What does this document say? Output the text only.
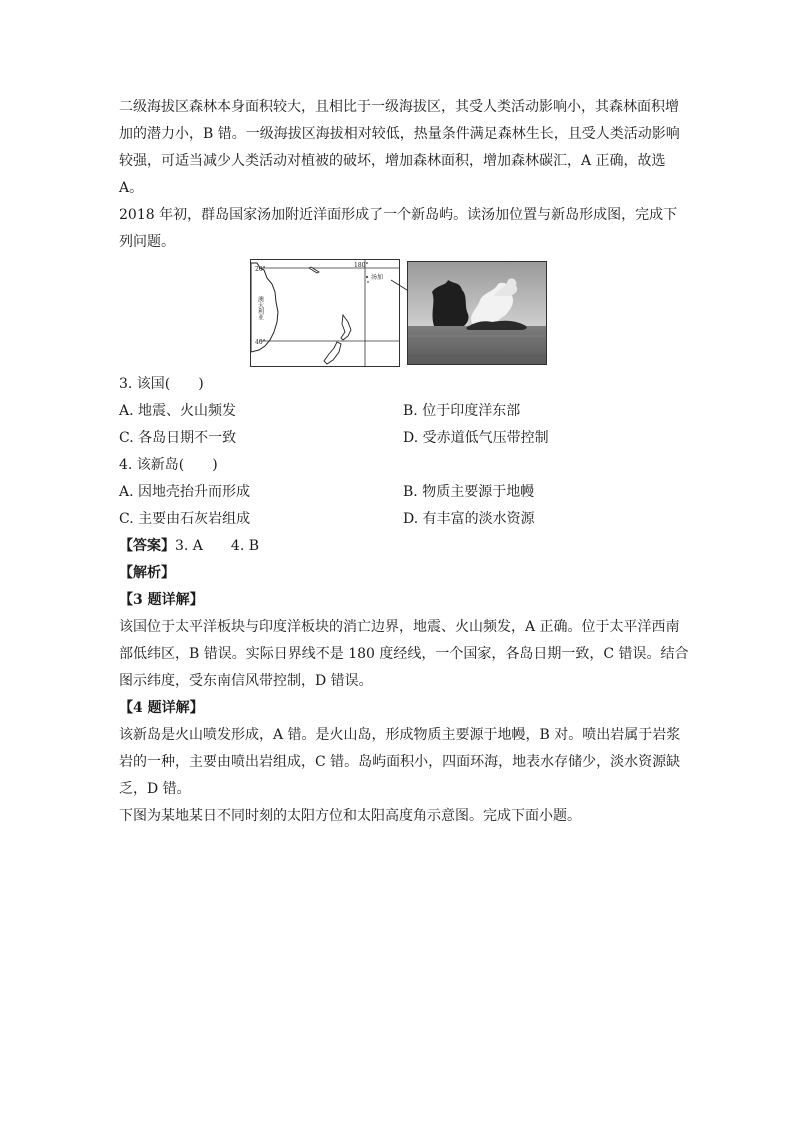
二级海拔区森林本身面积较大，且相比于一级海拔区，其受人类活动影响小，其森林面积增
加的潜力小，B 错。一级海拔区海拔相对较低，热量条件满足森林生长，且受人类活动影响
较强，可适当减少人类活动对植被的破坏，增加森林面积，增加森林碳汇，A 正确，故选
A。
2018 年初，群岛国家汤加附近洋面形成了一个新岛屿。读汤加位置与新岛形成图，完成下
列问题。
20°
180°
汤加
40°
澳大利亚
3. 该国(　　)
A. 地震、火山频发	B. 位于印度洋东部
C. 各岛日期不一致	D. 受赤道低气压带控制
4. 该新岛(　　)
A. 因地壳抬升而形成	B. 物质主要源于地幔
C. 主要由石灰岩组成	D. 有丰富的淡水资源
【答案】3. A　　4. B
【解析】
【3 题详解】
该国位于太平洋板块与印度洋板块的消亡边界，地震、火山频发，A 正确。位于太平洋西南
部低纬区，B 错误。实际日界线不是 180 度经线，一个国家，各岛日期一致，C 错误。结合
图示纬度，受东南信风带控制，D 错误。
【4 题详解】
该新岛是火山喷发形成，A 错。是火山岛，形成物质主要源于地幔，B 对。喷出岩属于岩浆
岩的一种，主要由喷出岩组成，C 错。岛屿面积小，四面环海，地表水存储少，淡水资源缺
乏，D 错。
下图为某地某日不同时刻的太阳方位和太阳高度角示意图。完成下面小题。
